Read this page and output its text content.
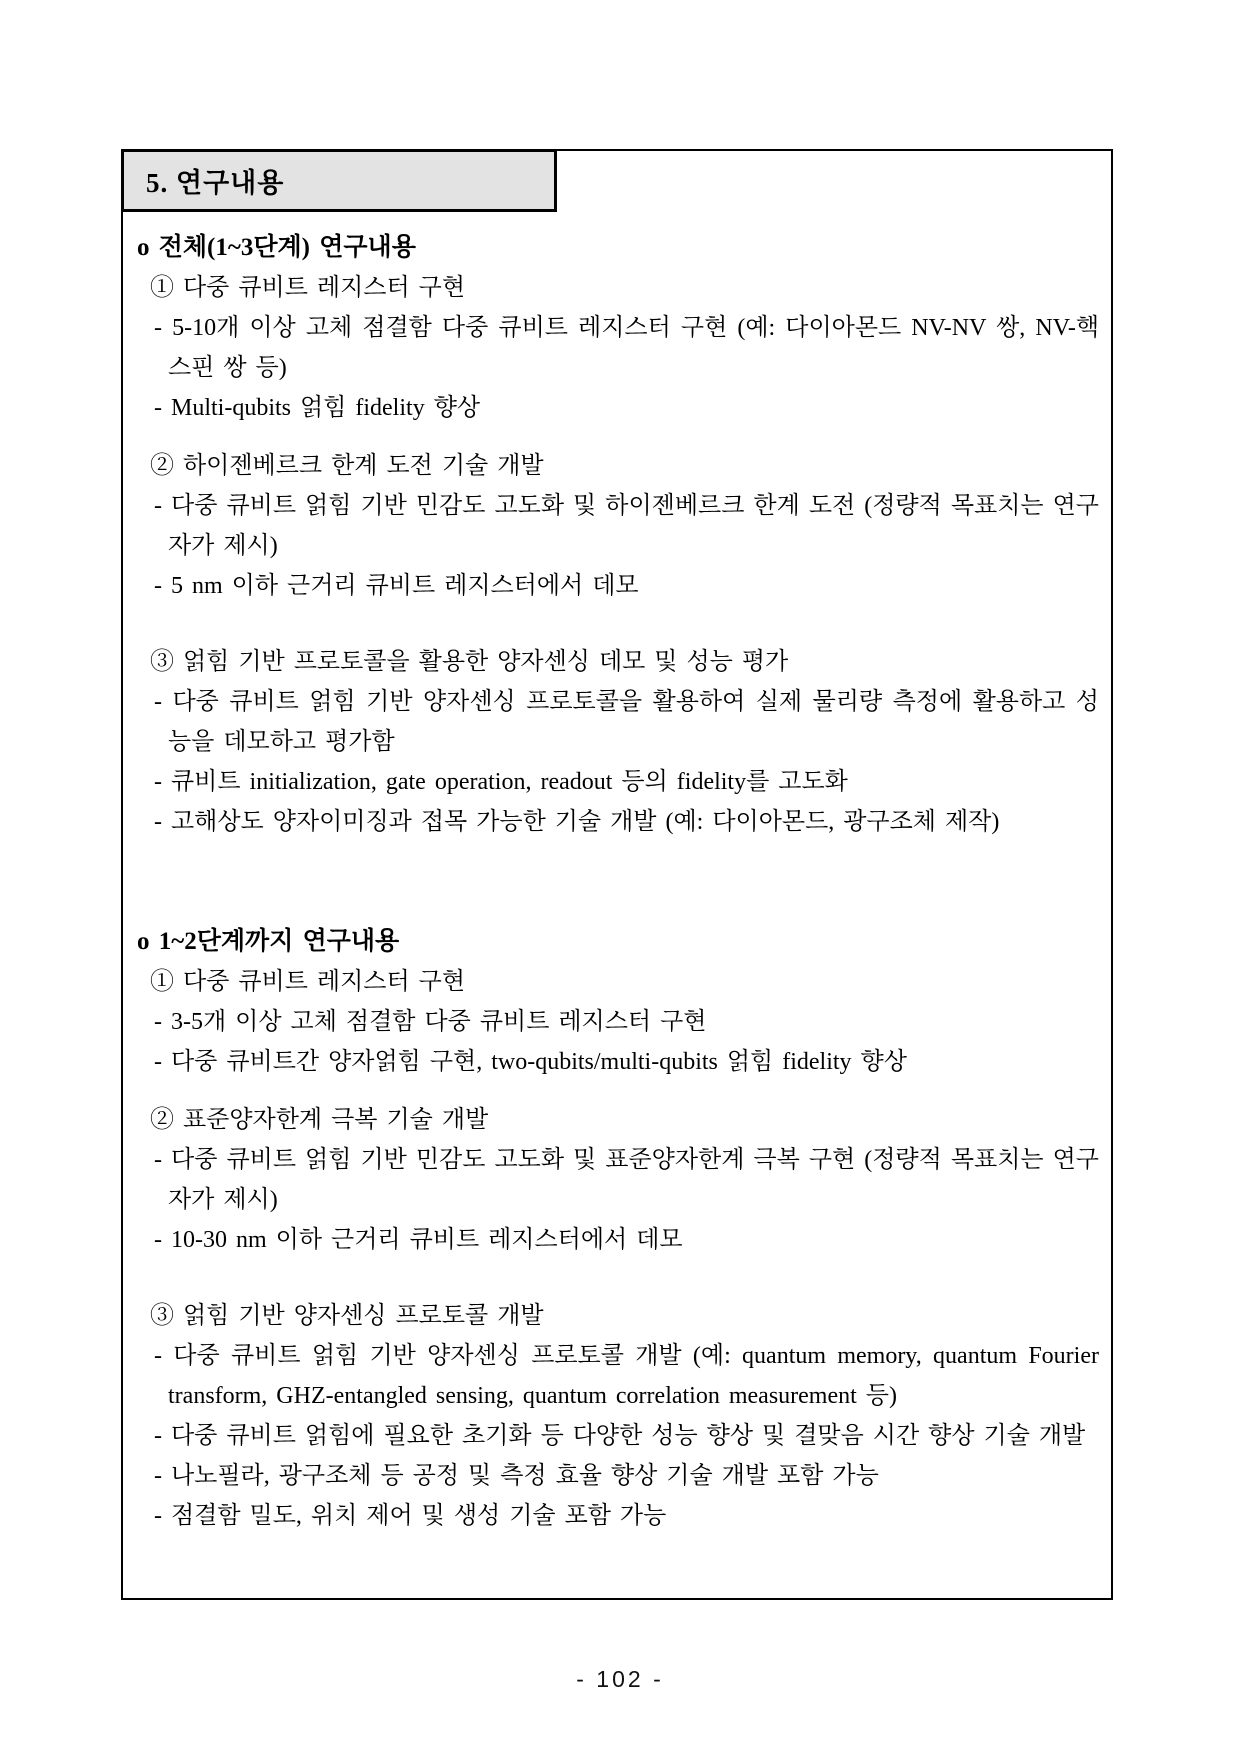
5. 연구내용

o 전체(1~3단계) 연구내용

① 다중 큐비트 레지스터 구현

- 5-10개 이상 고체 점결함 다중 큐비트 레지스터 구현 (예: 다이아몬드 NV-NV 쌍, NV-핵스핀 쌍 등)

- Multi-qubits 얽힘 fidelity 향상

② 하이젠베르크 한계 도전 기술 개발

- 다중 큐비트 얽힘 기반 민감도 고도화 및 하이젠베르크 한계 도전 (정량적 목표치는 연구자가 제시)

- 5 nm 이하 근거리 큐비트 레지스터에서 데모

③ 얽힘 기반 프로토콜을 활용한 양자센싱 데모 및 성능 평가

- 다중 큐비트 얽힘 기반 양자센싱 프로토콜을 활용하여 실제 물리량 측정에 활용하고 성능을 데모하고 평가함

- 큐비트 initialization, gate operation, readout 등의 fidelity를 고도화

- 고해상도 양자이미징과 접목 가능한 기술 개발 (예: 다이아몬드, 광구조체 제작)

o 1~2단계까지 연구내용

① 다중 큐비트 레지스터 구현

- 3-5개 이상 고체 점결함 다중 큐비트 레지스터 구현

- 다중 큐비트간 양자얽힘 구현, two-qubits/multi-qubits 얽힘 fidelity 향상

② 표준양자한계 극복 기술 개발

- 다중 큐비트 얽힘 기반 민감도 고도화 및 표준양자한계 극복 구현 (정량적 목표치는 연구자가 제시)

- 10-30 nm 이하 근거리 큐비트 레지스터에서 데모

③ 얽힘 기반 양자센싱 프로토콜 개발

- 다중 큐비트 얽힘 기반 양자센싱 프로토콜 개발 (예: quantum memory, quantum Fourier transform, GHZ-entangled sensing, quantum correlation measurement 등)

- 다중 큐비트 얽힘에 필요한 초기화 등 다양한 성능 향상 및 결맞음 시간 향상 기술 개발

- 나노필라, 광구조체 등 공정 및 측정 효율 향상 기술 개발 포함 가능

- 점결함 밀도, 위치 제어 및 생성 기술 포함 가능

- 102 -
